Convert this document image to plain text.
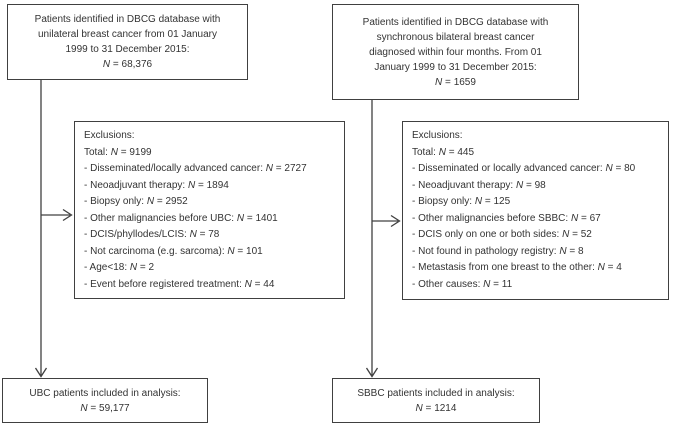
Patients identified in DBCG database with
unilateral breast cancer from 01 January
1999 to 31 December 2015:
N = 68,376
Patients identified in DBCG database with
synchronous bilateral breast cancer
diagnosed within four months. From 01
January 1999 to 31 December 2015:
N = 1659
Exclusions:
Total: N = 9199
- Disseminated/locally advanced cancer: N = 2727
- Neoadjuvant therapy: N = 1894
- Biopsy only: N = 2952
- Other malignancies before UBC: N = 1401
- DCIS/phyllodes/LCIS: N = 78
- Not carcinoma (e.g. sarcoma): N = 101
- Age<18: N = 2
- Event before registered treatment: N = 44
Exclusions:
Total: N = 445
- Disseminated or locally advanced cancer: N = 80
- Neoadjuvant therapy: N = 98
- Biopsy only: N = 125
- Other malignancies before SBBC: N = 67
- DCIS only on one or both sides: N = 52
- Not found in pathology registry: N = 8
- Metastasis from one breast to the other: N = 4
- Other causes: N = 11
UBC patients included in analysis:
N = 59,177
SBBC patients included in analysis:
N = 1214
